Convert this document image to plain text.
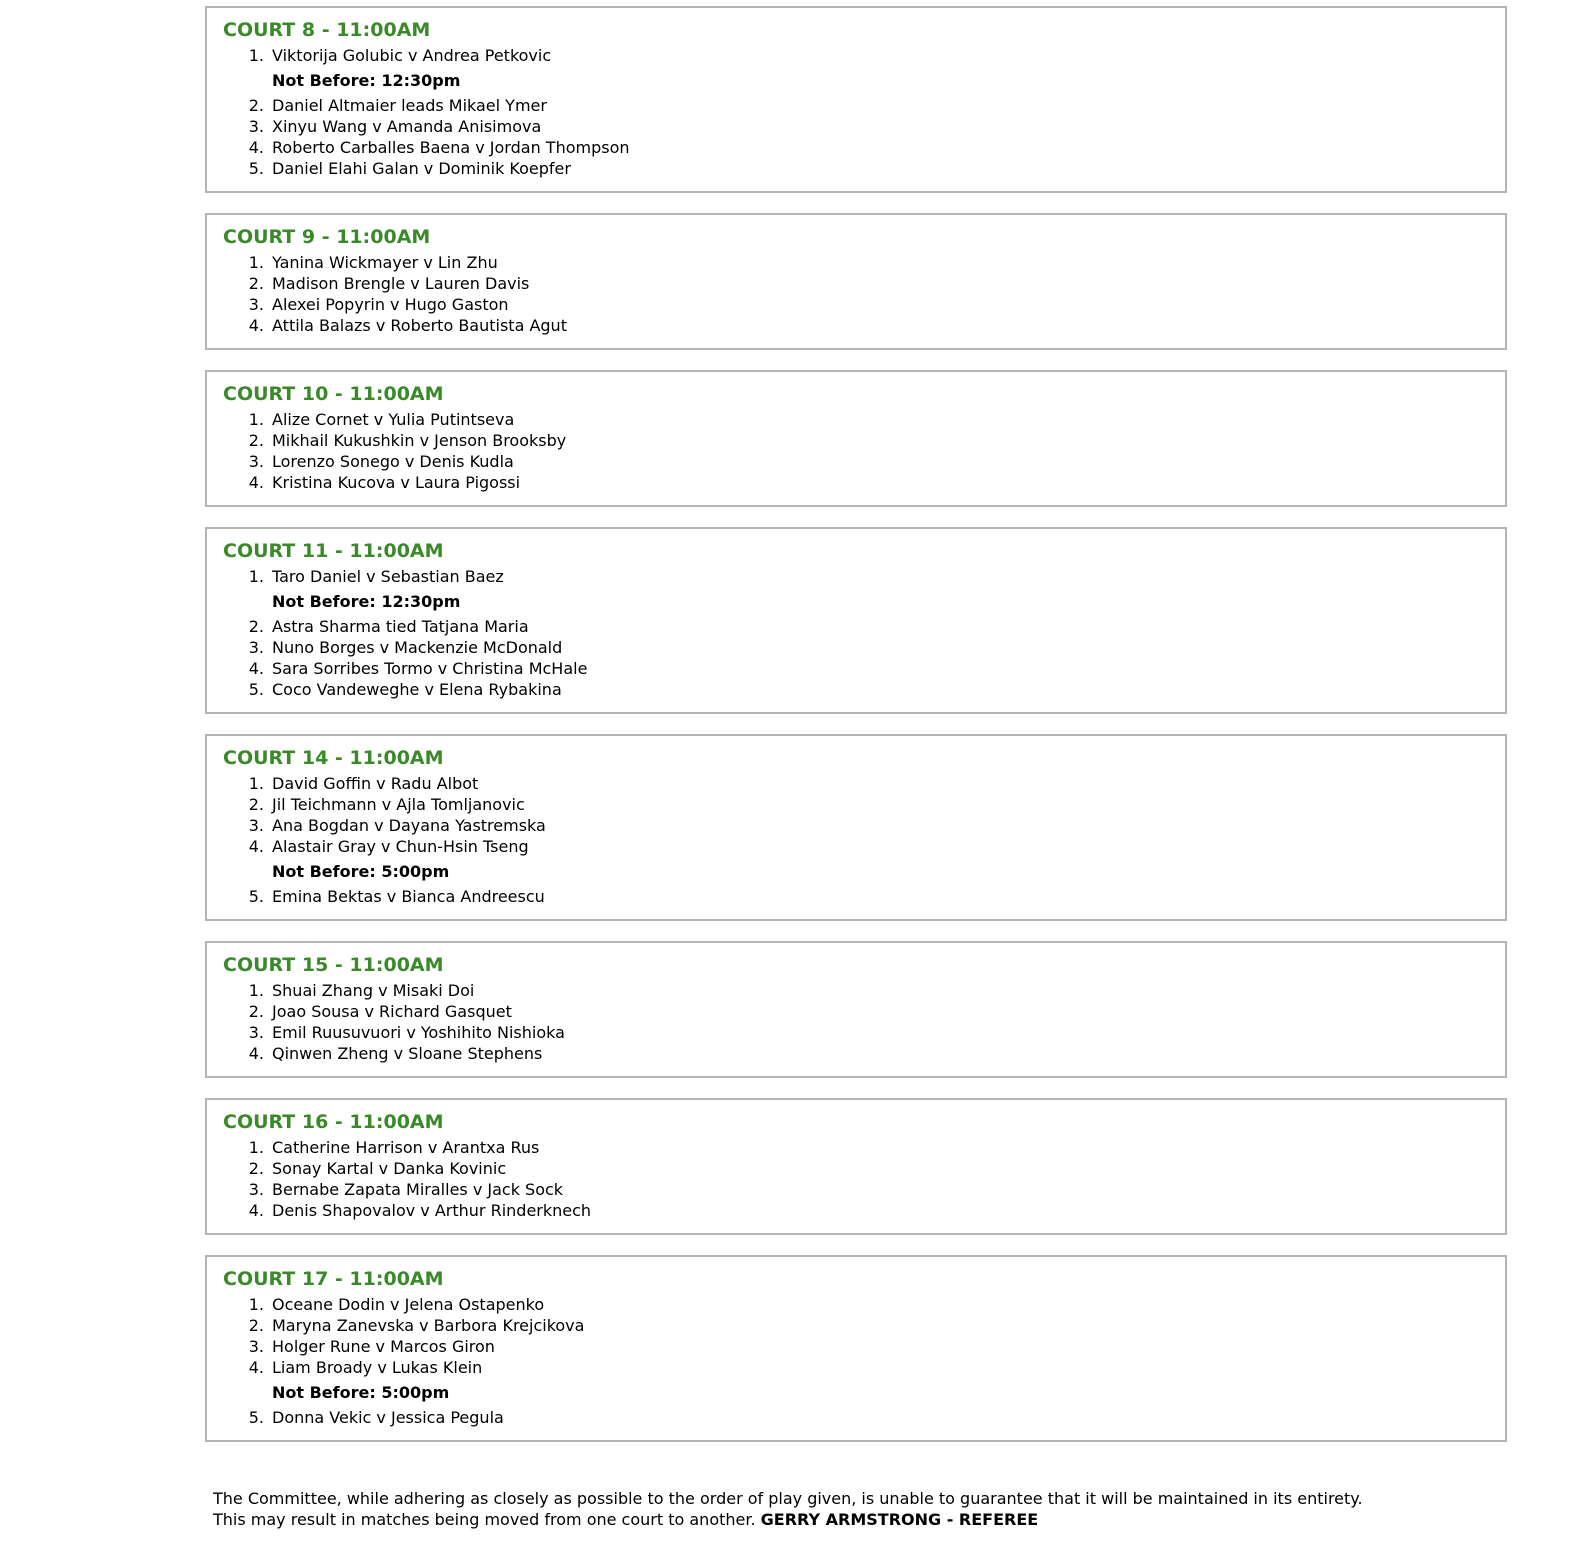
COURT 8 - 11:00AM
1. Viktorija Golubic v Andrea Petkovic
Not Before: 12:30pm
2. Daniel Altmaier leads Mikael Ymer
3. Xinyu Wang v Amanda Anisimova
4. Roberto Carballes Baena v Jordan Thompson
5. Daniel Elahi Galan v Dominik Koepfer
COURT 9 - 11:00AM
1. Yanina Wickmayer v Lin Zhu
2. Madison Brengle v Lauren Davis
3. Alexei Popyrin v Hugo Gaston
4. Attila Balazs v Roberto Bautista Agut
COURT 10 - 11:00AM
1. Alize Cornet v Yulia Putintseva
2. Mikhail Kukushkin v Jenson Brooksby
3. Lorenzo Sonego v Denis Kudla
4. Kristina Kucova v Laura Pigossi
COURT 11 - 11:00AM
1. Taro Daniel v Sebastian Baez
Not Before: 12:30pm
2. Astra Sharma tied Tatjana Maria
3. Nuno Borges v Mackenzie McDonald
4. Sara Sorribes Tormo v Christina McHale
5. Coco Vandeweghe v Elena Rybakina
COURT 14 - 11:00AM
1. David Goffin v Radu Albot
2. Jil Teichmann v Ajla Tomljanovic
3. Ana Bogdan v Dayana Yastremska
4. Alastair Gray v Chun-Hsin Tseng
Not Before: 5:00pm
5. Emina Bektas v Bianca Andreescu
COURT 15 - 11:00AM
1. Shuai Zhang v Misaki Doi
2. Joao Sousa v Richard Gasquet
3. Emil Ruusuvuori v Yoshihito Nishioka
4. Qinwen Zheng v Sloane Stephens
COURT 16 - 11:00AM
1. Catherine Harrison v Arantxa Rus
2. Sonay Kartal v Danka Kovinic
3. Bernabe Zapata Miralles v Jack Sock
4. Denis Shapovalov v Arthur Rinderknech
COURT 17 - 11:00AM
1. Oceane Dodin v Jelena Ostapenko
2. Maryna Zanevska v Barbora Krejcikova
3. Holger Rune v Marcos Giron
4. Liam Broady v Lukas Klein
Not Before: 5:00pm
5. Donna Vekic v Jessica Pegula
The Committee, while adhering as closely as possible to the order of play given, is unable to guarantee that it will be maintained in its entirety.
This may result in matches being moved from one court to another. GERRY ARMSTRONG - REFEREE
